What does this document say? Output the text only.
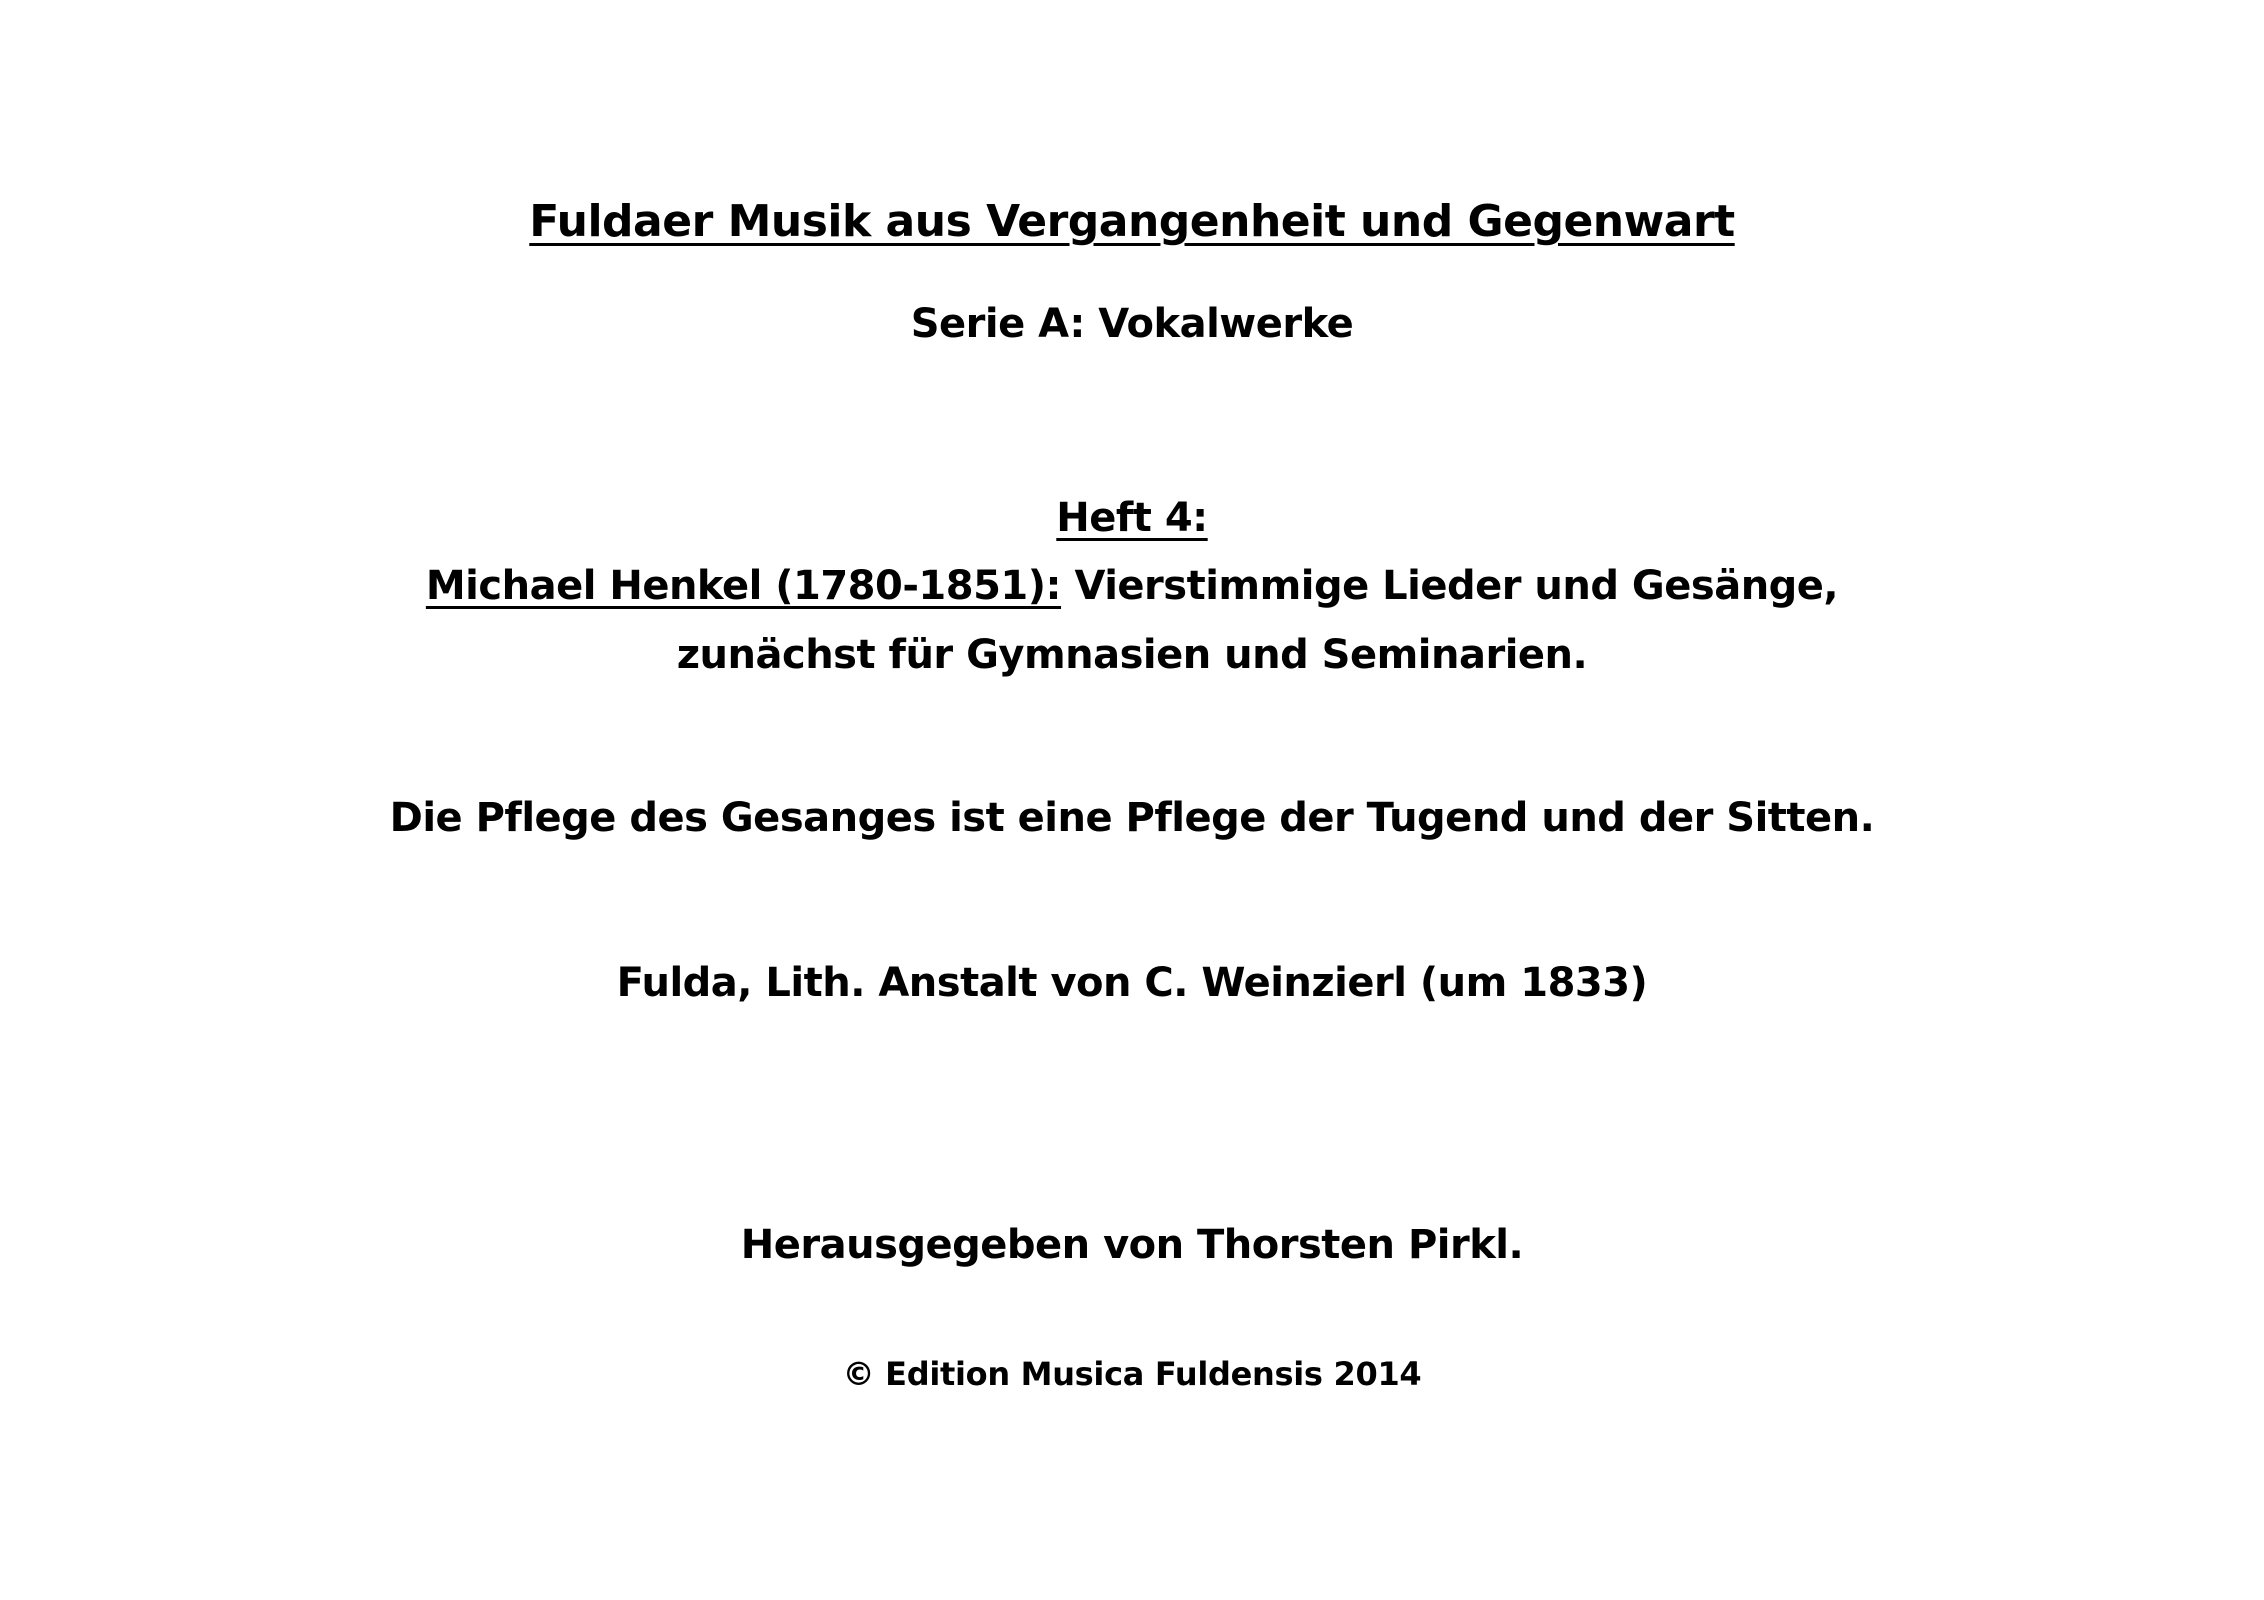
Fuldaer Musik aus Vergangenheit und Gegenwart
Serie A: Vokalwerke
Heft 4:
Michael Henkel (1780-1851): Vierstimmige Lieder und Gesänge,
zunächst für Gymnasien und Seminarien.
Die Pflege des Gesanges ist eine Pflege der Tugend und der Sitten.
Fulda, Lith. Anstalt von C. Weinzierl (um 1833)
Herausgegeben von Thorsten Pirkl.
© Edition Musica Fuldensis 2014
